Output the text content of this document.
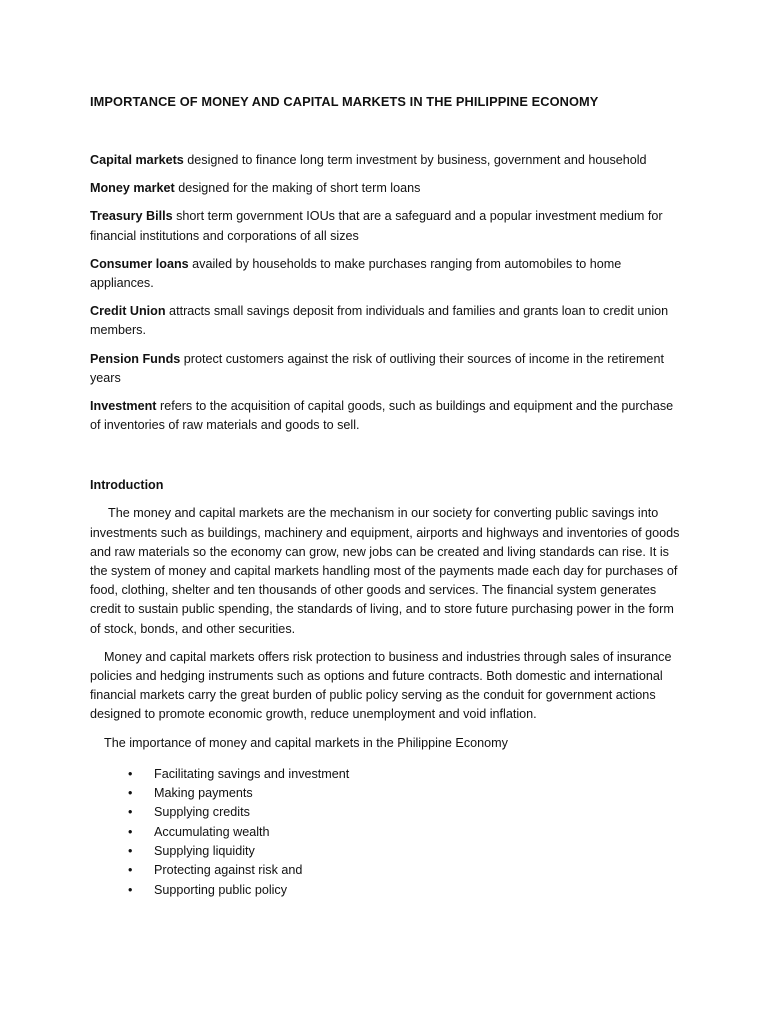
IMPORTANCE OF MONEY AND CAPITAL MARKETS IN THE PHILIPPINE ECONOMY

Capital markets designed to finance long term investment by business, government and household

Money market designed for the making of short term loans

Treasury Bills short term government IOUs that are a safeguard and a popular investment medium for financial institutions and corporations of all sizes

Consumer loans availed by households to make purchases ranging from automobiles to home appliances.

Credit Union attracts small savings deposit from individuals and families and grants loan to credit union members.

Pension Funds protect customers against the risk of outliving their sources of income in the retirement years

Investment refers to the acquisition of capital goods, such as buildings and equipment and the purchase of inventories of raw materials and goods to sell.

Introduction

The money and capital markets are the mechanism in our society for converting public savings into investments such as buildings, machinery and equipment, airports and highways and inventories of goods and raw materials so the economy can grow, new jobs can be created and living standards can rise. It is the system of money and capital markets handling most of the payments made each day for purchases of food, clothing, shelter and ten thousands of other goods and services. The financial system generates credit to sustain public spending, the standards of living, and to store future purchasing power in the form of stock, bonds, and other securities.

Money and capital markets offers risk protection to business and industries through sales of insurance policies and hedging instruments such as options and future contracts. Both domestic and international financial markets carry the great burden of public policy serving as the conduit for government actions designed to promote economic growth, reduce unemployment and void inflation.

The importance of money and capital markets in the Philippine Economy

• Facilitating savings and investment
• Making payments
• Supplying credits
• Accumulating wealth
• Supplying liquidity
• Protecting against risk and
• Supporting public policy
